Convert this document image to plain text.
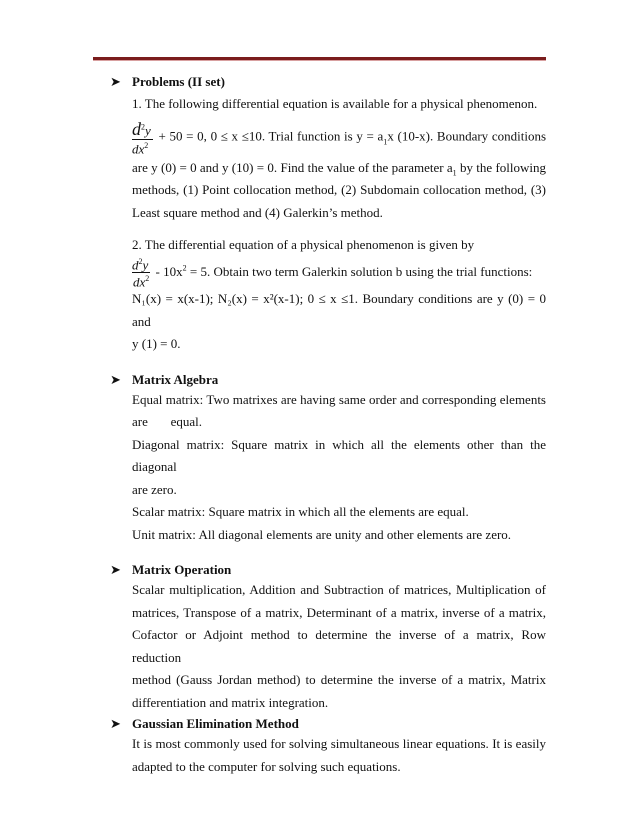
➤ Problems (II set)

1. The following differential equation is available for a physical phenomenon.

$\frac{d^2y}{dx^2} + 50 = 0$, 0 ≤ x ≤10. Trial function is $y = a_1x$ (10-x). Boundary conditions

are y (0) = 0 and y (10) = 0. Find the value of the parameter $a_1$ by the following

methods, (1) Point collocation method, (2) Subdomain collocation method, (3)

Least square method and (4) Galerkin’s method.

2. The differential equation of a physical phenomenon is given by

$\frac{d^2y}{dx^2} - 10x^2 = 5$. Obtain two term Galerkin solution b using the trial functions:

N₁(x) = x(x-1); N₂(x) = x²(x-1); 0 ≤ x ≤1. Boundary conditions are y (0) = 0 and

y (1) = 0.

➤ Matrix Algebra

Equal matrix: Two matrixes are having same order and corresponding elements

are       equal.

Diagonal matrix: Square matrix in which all the elements other than the diagonal

are zero.

Scalar matrix: Square matrix in which all the elements are equal.

Unit matrix: All diagonal elements are unity and other elements are zero.

➤ Matrix Operation

Scalar multiplication, Addition and Subtraction of matrices, Multiplication of

matrices, Transpose of a matrix, Determinant of a matrix, inverse of a matrix,

Cofactor or Adjoint method to determine the inverse of a matrix, Row reduction

method (Gauss Jordan method) to determine the inverse of a matrix, Matrix

differentiation and matrix integration.

➤ Gaussian Elimination Method

It is most commonly used for solving simultaneous linear equations. It is easily

adapted to the computer for solving such equations.
